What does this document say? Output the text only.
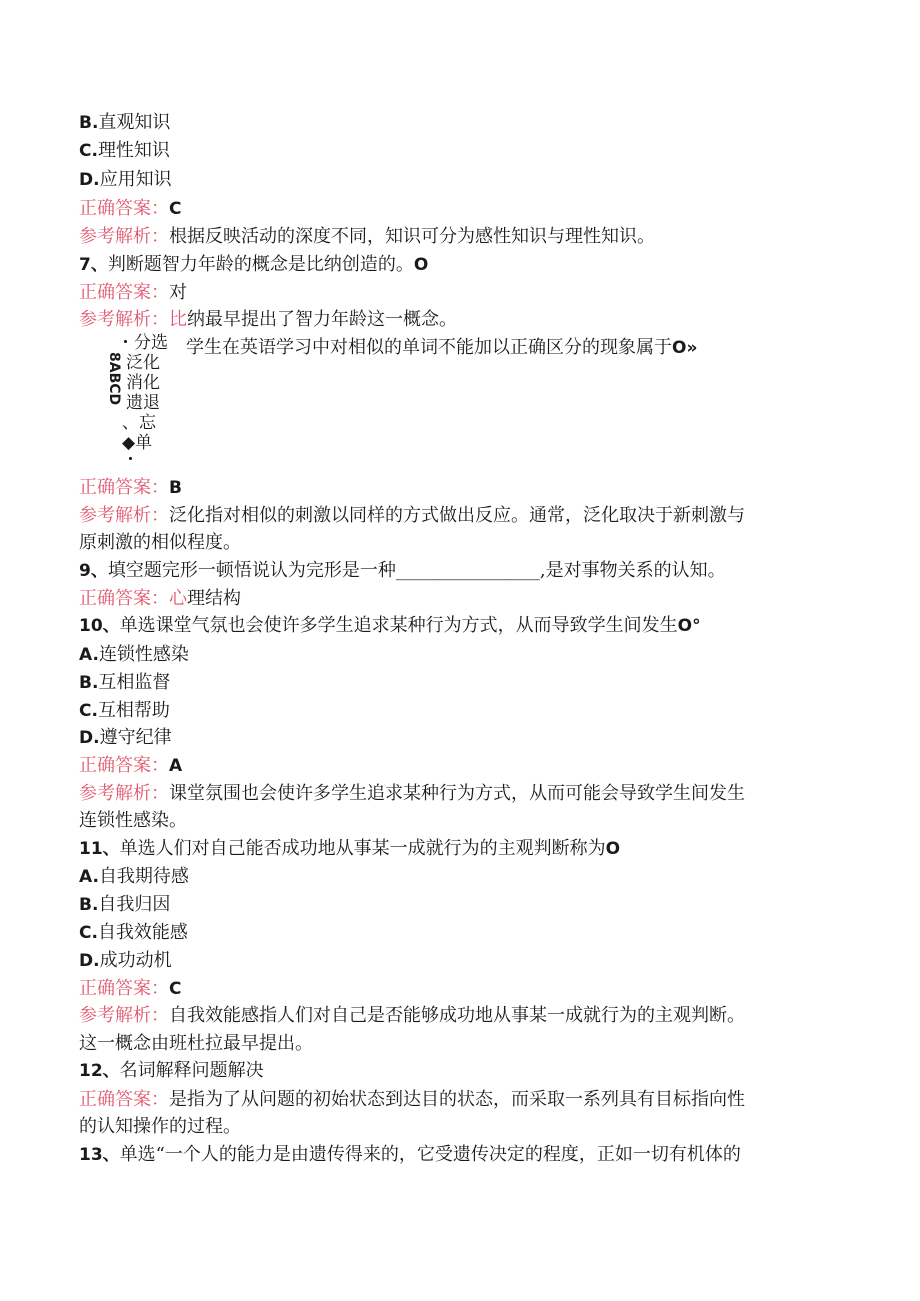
B.直观知识
C.理性知识
D.应用知识
正确答案：C
参考解析：根据反映活动的深度不同，知识可分为感性知识与理性知识。
7、判断题智力年龄的概念是比纳创造的。O
正确答案：对
参考解析：比纳最早提出了智力年龄这一概念。
・分选
泛化
消化
遗退
、忘
◆单
・
8ABCD
学生在英语学习中对相似的单词不能加以正确区分的现象属于O»
正确答案：B
参考解析：泛化指对相似的刺激以同样的方式做出反应。通常，泛化取决于新刺激与
原刺激的相似程度。
9、填空题完形一顿悟说认为完形是一种________________,是对事物关系的认知。
正确答案：心理结构
10、单选课堂气氛也会使许多学生追求某种行为方式，从而导致学生间发生O°
A.连锁性感染
B.互相监督
C.互相帮助
D.遵守纪律
正确答案：A
参考解析：课堂氛围也会使许多学生追求某种行为方式，从而可能会导致学生间发生
连锁性感染。
11、单选人们对自己能否成功地从事某一成就行为的主观判断称为O
A.自我期待感
B.自我归因
C.自我效能感
D.成功动机
正确答案：C
参考解析：自我效能感指人们对自己是否能够成功地从事某一成就行为的主观判断。
这一概念由班杜拉最早提出。
12、名词解释问题解决
正确答案：是指为了从问题的初始状态到达目的状态，而采取一系列具有目标指向性
的认知操作的过程。
13、单选“一个人的能力是由遗传得来的，它受遗传决定的程度，正如一切有机体的
